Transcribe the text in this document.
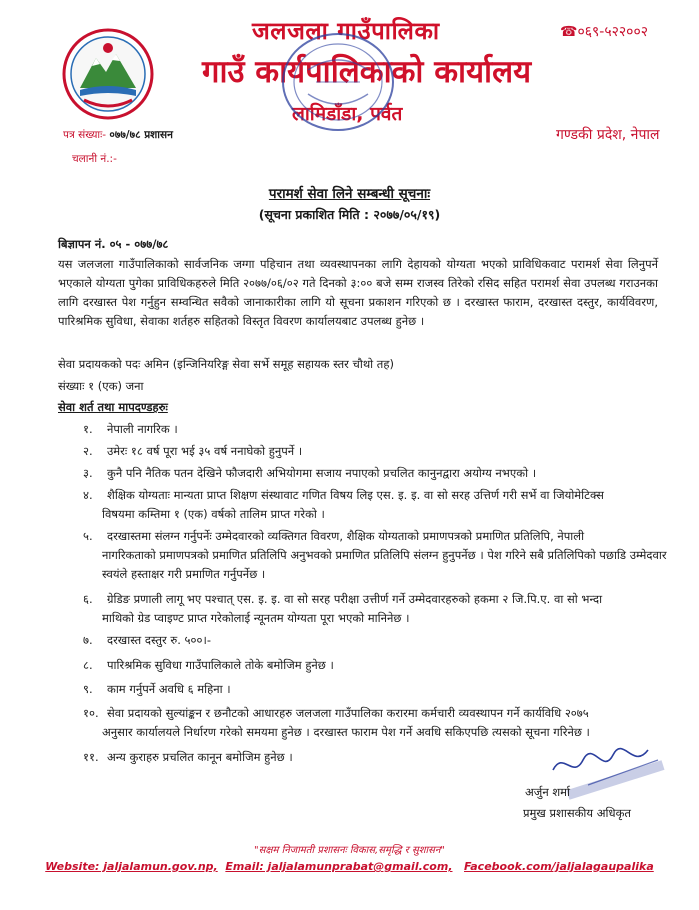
जलजला गाउँपालिका
गाउँ कार्यपालिकाको कार्यालय
लामिडाँडा, पर्वत
☎०६९-५२२००२
गण्डकी प्रदेश, नेपाल
पत्र संख्याः- ०७७/७८ प्रशासन
चलानी नं.:-
परामर्श सेवा लिने सम्बन्धी सूचनाः
(सूचना प्रकाशित मिति : २०७७/०५/१९)
बिज्ञापन नं. ०५ - ०७७/७८
यस जलजला गाउँपालिकाको सार्वजनिक जग्गा पहिचान तथा व्यवस्थापनका लागि देहायको योग्यता भएको प्राविधिकवाट परामर्श सेवा लिनुपर्ने भएकाले योग्यता पुगेका प्राविधिकहरुले मिति २०७७/०६/०२ गते दिनको ३:०० बजे सम्म राजस्व तिरेको रसिद सहित परामर्श सेवा उपलब्ध गराउनका लागि दरखास्त पेश गर्नुहुन सम्वन्धित सवैको जानाकारीका लागि यो सूचना प्रकाशन गरिएको छ । दरखास्त फाराम, दरखास्त दस्तुर, कार्यविवरण, पारिश्रमिक सुविधा, सेवाका शर्तहरु सहितको विस्तृत विवरण कार्यालयबाट उपलब्ध हुनेछ ।
सेवा प्रदायकको पदः अमिन (इन्जिनियरिङ्ग सेवा सर्भे समूह सहायक स्तर चौथो तह)
संख्याः १ (एक) जना
सेवा शर्त तथा मापदण्डहरुः
१. नेपाली नागरिक ।
२. उमेरः १८ वर्ष पूरा भई ३५ वर्ष ननाघेको हुनुपर्ने ।
३. कुनै पनि नैतिक पतन देखिने फौजदारी अभियोगमा सजाय नपाएको प्रचलित कानुनद्वारा अयोग्य नभएको ।
४. शैक्षिक योग्यताः मान्यता प्राप्त शिक्षण संस्थावाट गणित विषय लिइ एस. इ. इ. वा सो सरह उत्तिर्ण गरी सर्भे वा जियोमेटिक्स
विषयमा कम्तिमा १ (एक) वर्षको तालिम प्राप्त गरेको ।
५. दरखास्तमा संलग्न गर्नुपर्नेः उम्मेदवारको व्यक्तिगत विवरण, शैक्षिक योग्यताको प्रमाणपत्रको प्रमाणित प्रतिलिपि, नेपाली
नागरिकताको प्रमाणपत्रको प्रमाणित प्रतिलिपि अनुभवको प्रमाणित प्रतिलिपि संलग्न हुनुपर्नेछ । पेश गरिने सबै प्रतिलिपिको पछाडि उम्मेदवार स्वयंले हस्ताक्षर गरी प्रमाणित गर्नुपर्नेछ ।
६. ग्रेडिङ प्रणाली लागू भए पश्चात् एस. इ. इ. वा सो सरह परीक्षा उत्तीर्ण गर्ने उम्मेदवारहरुको हकमा २ जि.पि.ए. वा सो भन्दा
माथिको ग्रेड प्वाइण्ट प्राप्त गरेकोलाई न्यूनतम योग्यता पूरा भएको मानिनेछ ।
७. दरखास्त दस्तुर रु. ५००।-
८. पारिश्रमिक सुविधा गाउँपालिकाले तोके बमोजिम हुनेछ ।
९. काम गर्नुपर्ने अवधि ६ महिना ।
१०. सेवा प्रदायको सुल्यांङ्कन र छनौटको आधारहरु जलजला गाउँपालिका करारमा कर्मचारी व्यवस्थापन गर्ने कार्यविधि २०७५
अनुसार कार्यालयले निर्धारण गरेको समयमा हुनेछ । दरखास्त फाराम पेश गर्ने अवधि सकिएपछि त्यसको सूचना गरिनेछ ।
११. अन्य कुराहरु प्रचलित कानून बमोजिम हुनेछ ।
अर्जुन शर्मा
प्रमुख प्रशासकीय अधिकृत
"सक्षम निजामती प्रशासनः विकास,समृद्धि र सुशासन"
Website: jaljalamun.gov.np, Email: jaljalamunprabat@gmail.com, Facebook.com/jaljalagaupalika
